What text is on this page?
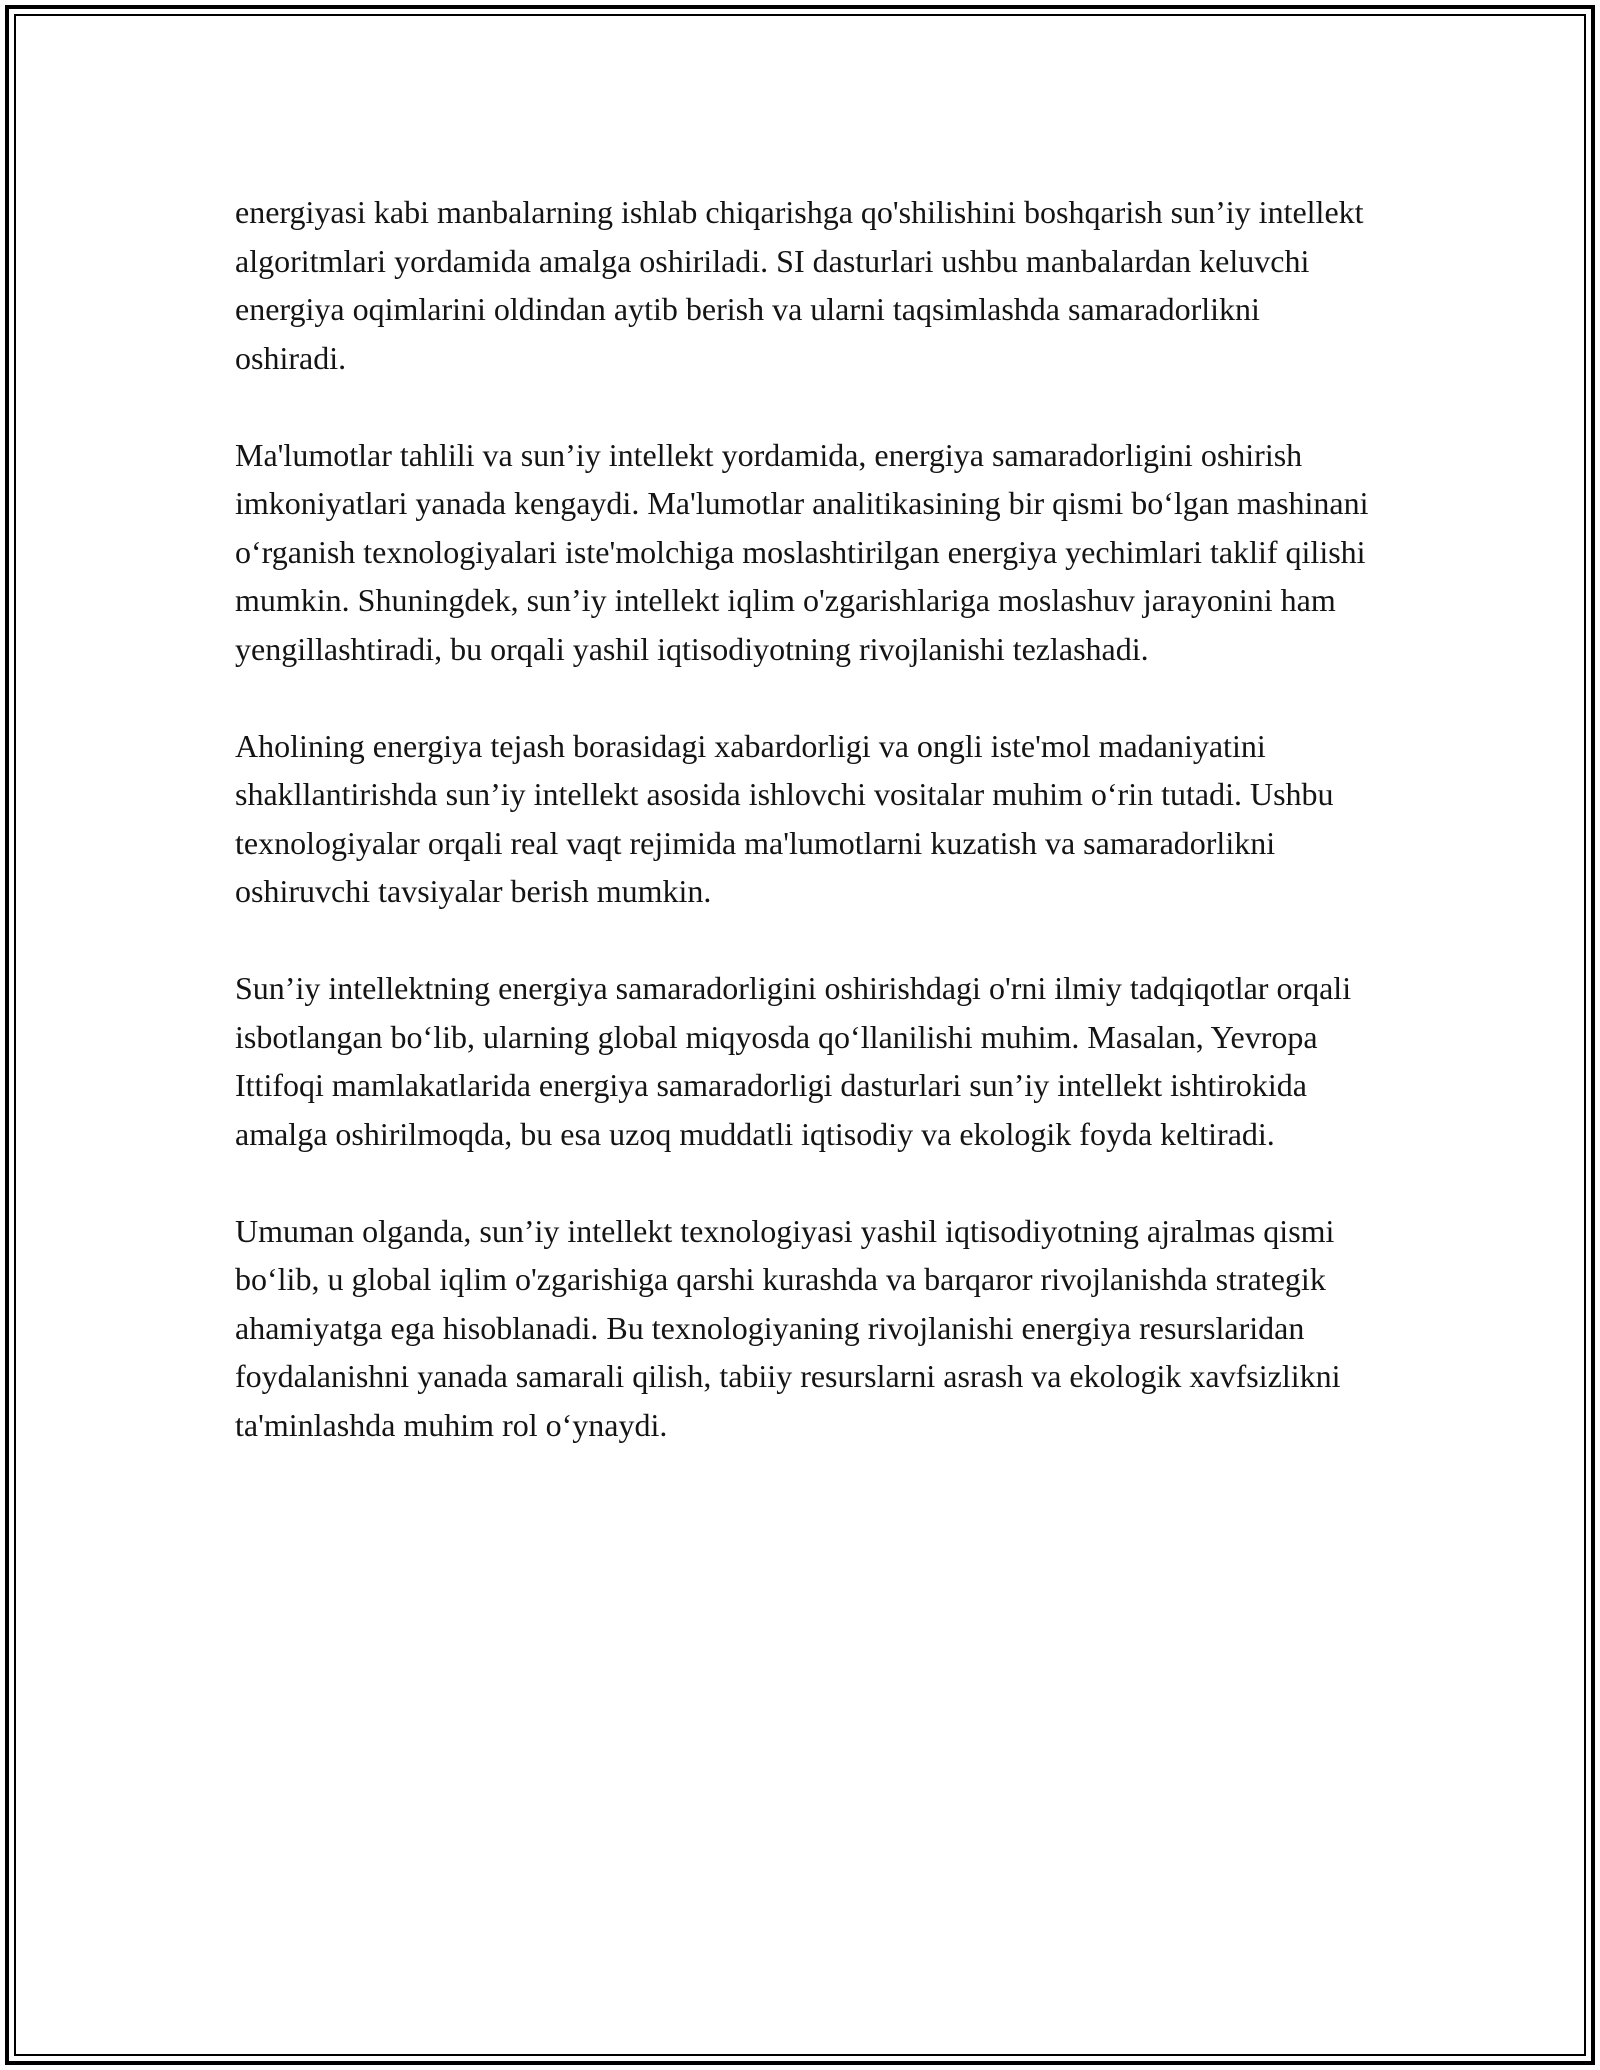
energiyasi kabi manbalarning ishlab chiqarishga qo'shilishini boshqarish sun’iy intellekt algoritmlari yordamida amalga oshiriladi. SI dasturlari ushbu manbalardan keluvchi energiya oqimlarini oldindan aytib berish va ularni taqsimlashda samaradorlikni oshiradi.

Ma'lumotlar tahlili va sun’iy intellekt yordamida, energiya samaradorligini oshirish imkoniyatlari yanada kengaydi. Ma'lumotlar analitikasining bir qismi bo‘lgan mashinani o‘rganish texnologiyalari iste'molchiga moslashtirilgan energiya yechimlari taklif qilishi mumkin. Shuningdek, sun’iy intellekt iqlim o'zgarishlariga moslashuv jarayonini ham yengillashtiradi, bu orqali yashil iqtisodiyotning rivojlanishi tezlashadi.

Aholining energiya tejash borasidagi xabardorligi va ongli iste'mol madaniyatini shakllantirishda sun’iy intellekt asosida ishlovchi vositalar muhim o‘rin tutadi. Ushbu texnologiyalar orqali real vaqt rejimida ma'lumotlarni kuzatish va samaradorlikni oshiruvchi tavsiyalar berish mumkin.

Sun’iy intellektning energiya samaradorligini oshirishdagi o'rni ilmiy tadqiqotlar orqali isbotlangan bo‘lib, ularning global miqyosda qo‘llanilishi muhim. Masalan, Yevropa Ittifoqi mamlakatlarida energiya samaradorligi dasturlari sun’iy intellekt ishtirokida amalga oshirilmoqda, bu esa uzoq muddatli iqtisodiy va ekologik foyda keltiradi.

Umuman olganda, sun’iy intellekt texnologiyasi yashil iqtisodiyotning ajralmas qismi bo‘lib, u global iqlim o'zgarishiga qarshi kurashda va barqaror rivojlanishda strategik ahamiyatga ega hisoblanadi. Bu texnologiyaning rivojlanishi energiya resurslaridan foydalanishni yanada samarali qilish, tabiiy resurslarni asrash va ekologik xavfsizlikni ta'minlashda muhim rol o‘ynaydi.
